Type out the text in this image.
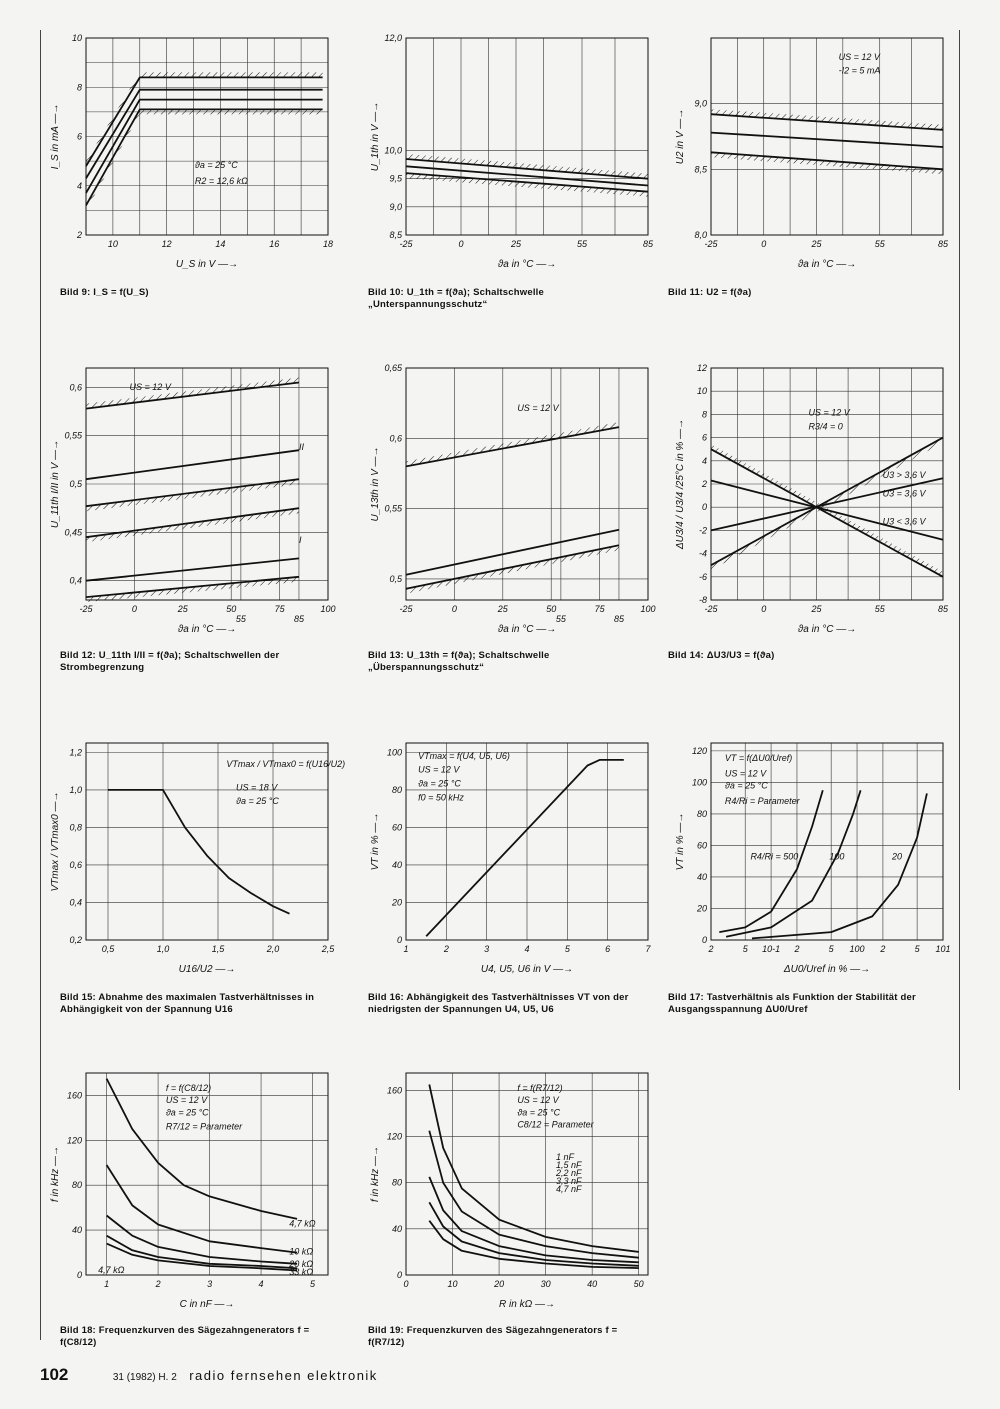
10	12	14	16	18
2
4
6
8
10
U_S in V —→
I_S in mA —→	ϑa = 25 °C
R2 = 12,6 kΩ
Bild 9: I_S = f(U_S)
-25	0	25	55	85
8,5
9,0
9,5
10,0
12,0
ϑa in °C —→
U_1th in V —→
Bild 10: U_1th = f(ϑa); Schaltschwelle „Unterspannungsschutz“
-25	0	25	55	85
8,0
8,5
9,0
ϑa in °C —→
U2 in V —→
US = 12 V
-I2 = 5 mA
Bild 11: U2 = f(ϑa)
-25	0	25	50	75	100
55	85
0,4
0,45
0,5
0,55
0,6
ϑa in °C —→
U_11th I/II in V —→
US = 12 V
II
I
Bild 12: U_11th I/II = f(ϑa); Schaltschwellen der Strombegrenzung
-25	0	25	50	75	100
55	85
0,5
0,55
0,6
0,65
ϑa in °C —→
U_13th in V —→
US = 12 V
Bild 13: U_13th = f(ϑa); Schaltschwelle „Überspannungsschutz“
-25	0	25	55	85
-8
-6
-4
-2
0
2
4
6
8
10
12
ϑa in °C —→
ΔU3/4 / U3/4 /25°C in % —→
US = 12 V
R3/4 = 0
U3 > 3,6 V
U3 = 3,6 V
U3 < 3,6 V
Bild 14: ΔU3/U3 = f(ϑa)
0,5	1,0	1,5	2,0	2,5
0,2
0,4
0,6
0,8
1,0
1,2
U16/U2 —→
VTmax / VTmax0 —→
VTmax / VTmax0 = f(U16/U2)
US = 18 V
ϑa = 25 °C
Bild 15: Abnahme des maximalen Tastverhältnisses in Abhängigkeit von der Spannung U16
1	2	3	4	5	6	7
0
20
40
60
80
100
U4, U5, U6 in V —→
VT in % —→
VTmax = f(U4, U5, U6)
US = 12 V
ϑa = 25 °C
f0 = 50 kHz
Bild 16: Abhängigkeit des Tastverhältnisses VT von der niedrigsten der Spannungen U4, U5, U6
2	5 10-1 2	5 100 2	5 101
0
20
40
60
80
100
120
ΔU0/Uref in % —→
VT in % —→
VT = f(ΔU0/Uref)
US = 12 V
ϑa = 25 °C
R4/Ri = Parameter
R4/Ri = 500	100	20
Bild 17: Tastverhältnis als Funktion der Stabilität der Ausgangsspannung ΔU0/Uref
1	2	3	4	5
0
40
80
120
160
C in nF —→
f in kHz —→
f = f(C8/12)
US = 12 V
ϑa = 25 °C
R7/12 = Parameter
4,7 kΩ
10 kΩ
20 kΩ
33 kΩ
4,7 kΩ
Bild 18: Frequenzkurven des Sägezahngenerators f = f(C8/12)
0	10	20	30	40	50
0
40
80
120
160
R in kΩ —→
f in kHz —→
f = f(R7/12)
US = 12 V
ϑa = 25 °C
C8/12 = Parameter
1 nF
1,5 nF
2,2 nF
3,3 nF
4,7 nF
Bild 19: Frequenzkurven des Sägezahngenerators f = f(R7/12)
102	31 (1982) H. 2 radio fernsehen elektronik
